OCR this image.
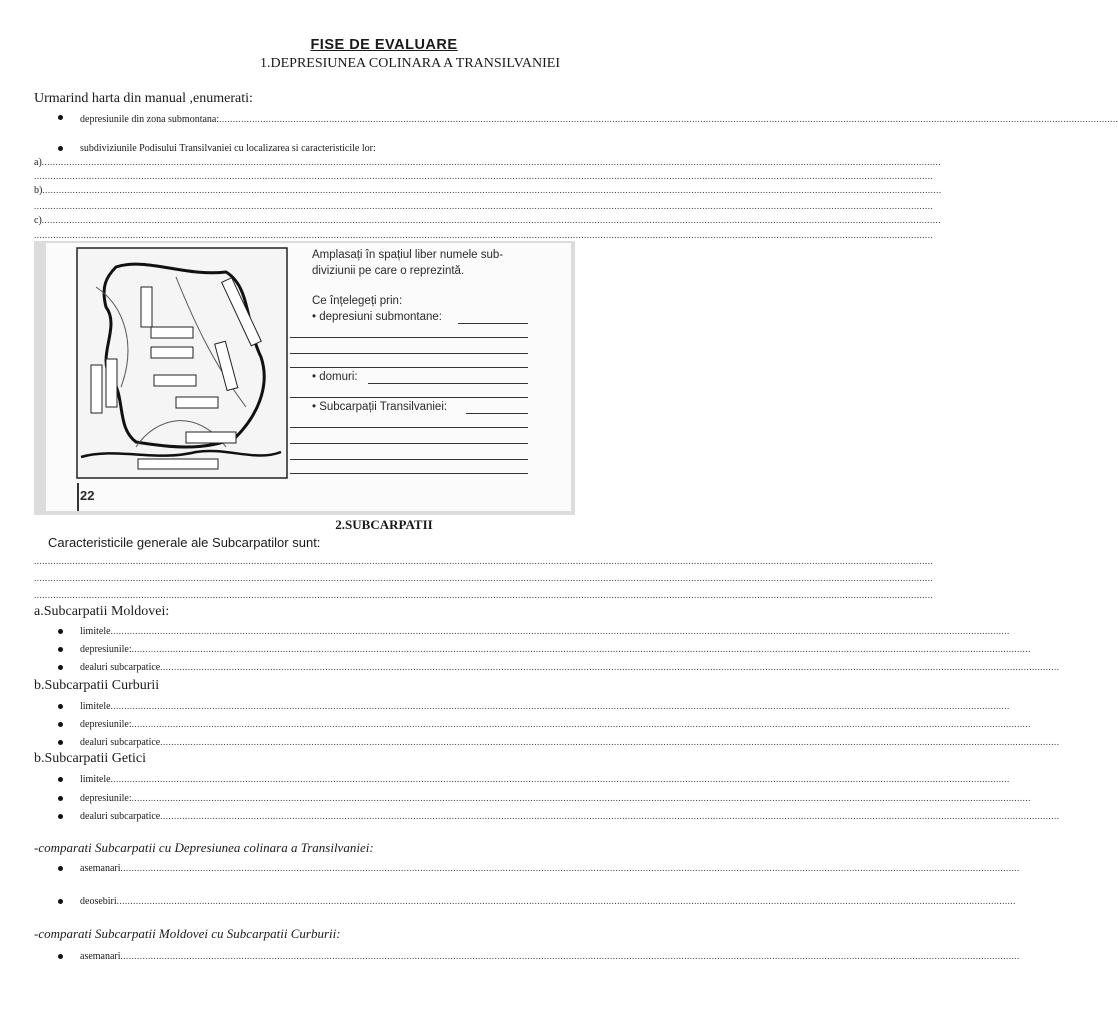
FISE DE EVALUARE
1.DEPRESIUNEA COLINARA A TRANSILVANIEI
Urmarind harta din manual ,enumerati:
depresiunile din zona submontana: .......................................................................................................................................................................................................................................................................................................................................
subdiviziunile Podisului Transilvaniei cu localizarea si caracteristicile lor:
a) .......................................................................................................................................................................................................................................................................................................................................
.......................................................................................................................................................................................................................................................................................................................................
b) .......................................................................................................................................................................................................................................................................................................................................
.......................................................................................................................................................................................................................................................................................................................................
c) .......................................................................................................................................................................................................................................................................................................................................
.......................................................................................................................................................................................................................................................................................................................................
Amplasați în spațiul liber numele sub-
diviziunii pe care o reprezintă.
Ce înțelegeți prin:
• depresiuni submontane:
• domuri:
• Subcarpații Transilvaniei:
22
2.SUBCARPATII
Caracteristicile generale ale Subcarpatilor sunt:
.......................................................................................................................................................................................................................................................................................................................................
.......................................................................................................................................................................................................................................................................................................................................
.......................................................................................................................................................................................................................................................................................................................................
a.Subcarpatii Moldovei:
limitele .......................................................................................................................................................................................................................................................................................................................................
depresiunile: .......................................................................................................................................................................................................................................................................................................................................
dealuri subcarpatice .......................................................................................................................................................................................................................................................................................................................................
b.Subcarpatii Curburii
limitele .......................................................................................................................................................................................................................................................................................................................................
depresiunile: .......................................................................................................................................................................................................................................................................................................................................
dealuri subcarpatice .......................................................................................................................................................................................................................................................................................................................................
b.Subcarpatii Getici
limitele .......................................................................................................................................................................................................................................................................................................................................
depresiunile: .......................................................................................................................................................................................................................................................................................................................................
dealuri subcarpatice .......................................................................................................................................................................................................................................................................................................................................
-comparati Subcarpatii cu Depresiunea colinara a Transilvaniei:
asemanari .......................................................................................................................................................................................................................................................................................................................................
deosebiri .......................................................................................................................................................................................................................................................................................................................................
-comparati Subcarpatii Moldovei cu Subcarpatii Curburii:
asemanari .......................................................................................................................................................................................................................................................................................................................................
